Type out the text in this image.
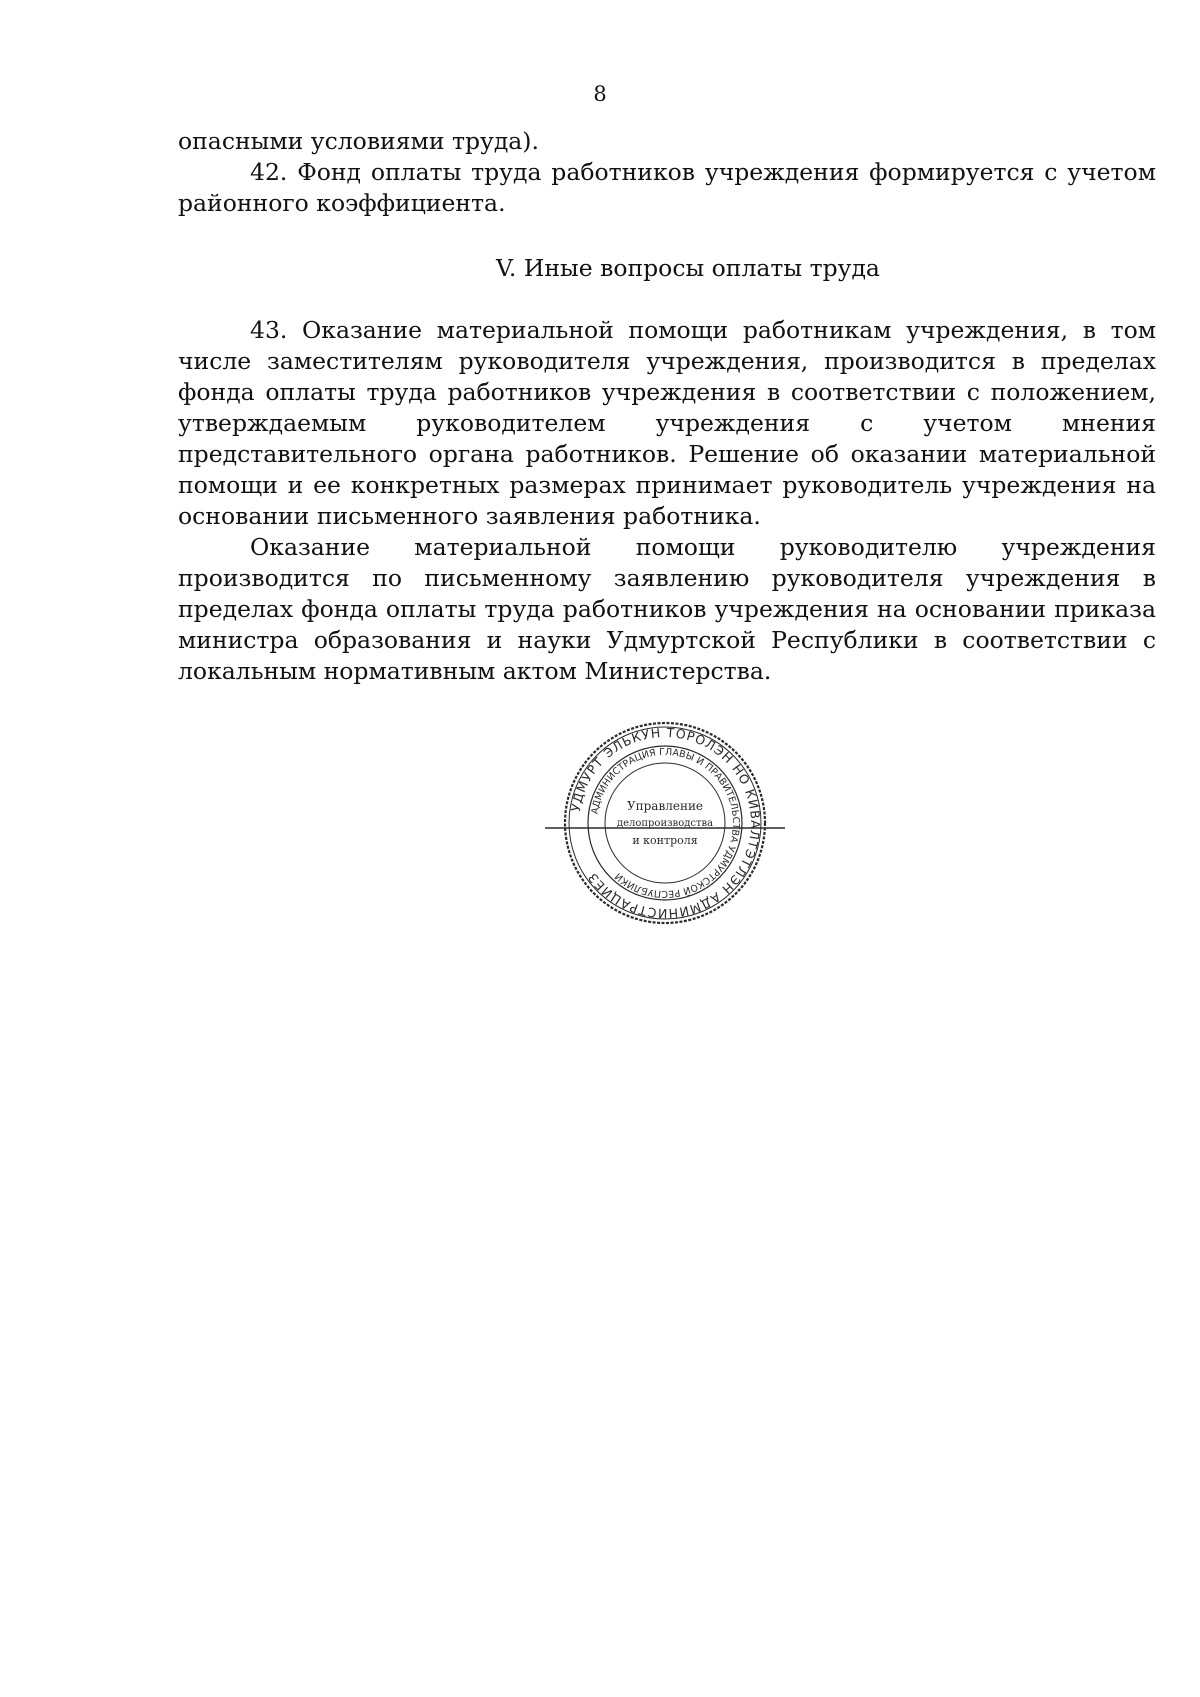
8

опасными условиями труда).

42. Фонд оплаты труда работников учреждения формируется с учетом районного коэффициента.

V. Иные вопросы оплаты труда

43. Оказание материальной помощи работникам учреждения, в том числе заместителям руководителя учреждения, производится в пределах фонда оплаты труда работников учреждения в соответствии с положением, утверждаемым руководителем учреждения с учетом мнения представительного органа работников. Решение об оказании материальной помощи и ее конкретных размерах принимает руководитель учреждения на основании письменного заявления работника.

Оказание материальной помощи руководителю учреждения производится по письменному заявлению руководителя учреждения в пределах фонда оплаты труда работников учреждения на основании приказа министра образования и науки Удмуртской Республики в соответствии с локальным нормативным актом Министерства.

УДМУРТ ЭЛЬКУН ТОРОЛЭН НО КИВАЛТЭТЛЭН АДМИНИСТРАЦИЕЗ
АДМИНИСТРАЦИЯ ГЛАВЫ И ПРАВИТЕЛЬСТВА УДМУРТСКОЙ РЕСПУБЛИКИ
Управление
делопроизводства
и контроля
